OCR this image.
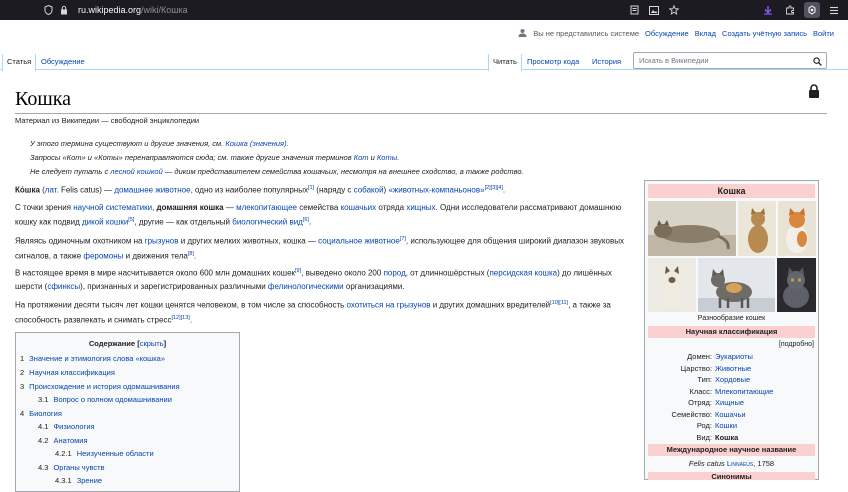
ru.wikipedia.org/wiki/Кошка
Вы не представились системе Обсуждение Вклад Создать учётную запись Войти
Статья	Обсуждение	Читать	Просмотр кода	История	Искать в Википедии
Кошка
Материал из Википедии — свободной энциклопедии
У этого термина существуют и другие значения, см. Кошка (значения).
Запросы «Кот» и «Коты» перенаправляются сюда; см. также другие значения терминов Кот и Коты.
Не следует путать с лесной кошкой — диким представителем семейства кошачьих, несмотря на внешнее сходство, а также родство.
Ко́шка (лат. Felis catus) — домашнее животное, одно из наиболее популярных[1] (наряду с собакой) «животных-компаньонов»[2][3][4].
С точки зрения научной систематики, домашняя кошка — млекопитающее семейства кошачьих отряда хищных. Одни исследователи рассматривают домашнюю кошку как подвид дикой кошки[5], другие — как отдельный биологический вид[6].
Являясь одиночным охотником на грызунов и других мелких животных, кошка — социальное животное[7], использующее для общения широкий диапазон звуковых сигналов, а также феромоны и движения тела[8].
В настоящее время в мире насчитывается около 600 млн домашних кошек[9], выведено около 200 пород, от длинношёрстных (персидская кошка) до лишённых шерсти (сфинксы), признанных и зарегистрированных различными фелинологическими организациями.
На протяжении десяти тысяч лет кошки ценятся человеком, в том числе за способность охотиться на грызунов и других домашних вредителей[10][11], а также за способность развлекать и снимать стресс[12][13].
Содержание [скрыть]
1 Значение и этимология слова «кошка»
2 Научная классификация
3 Происхождение и история одомашнивания
3.1 Вопрос о полном одомашнивании
4 Биология
4.1 Физиология
4.2 Анатомия
4.2.1 Неизученные области
4.3 Органы чувств
4.3.1 Зрение
Кошка
Разнообразие кошек
Научная классификация
[подробно]
Домен: Эукариоты
Царство: Животные
Тип: Хордовые
Класс: Млекопитающие
Отряд: Хищные
Семейство: Кошачьи
Род: Кошки
Вид: Кошка
Международное научное название
Felis catus Linnaeus, 1758
Синонимы
